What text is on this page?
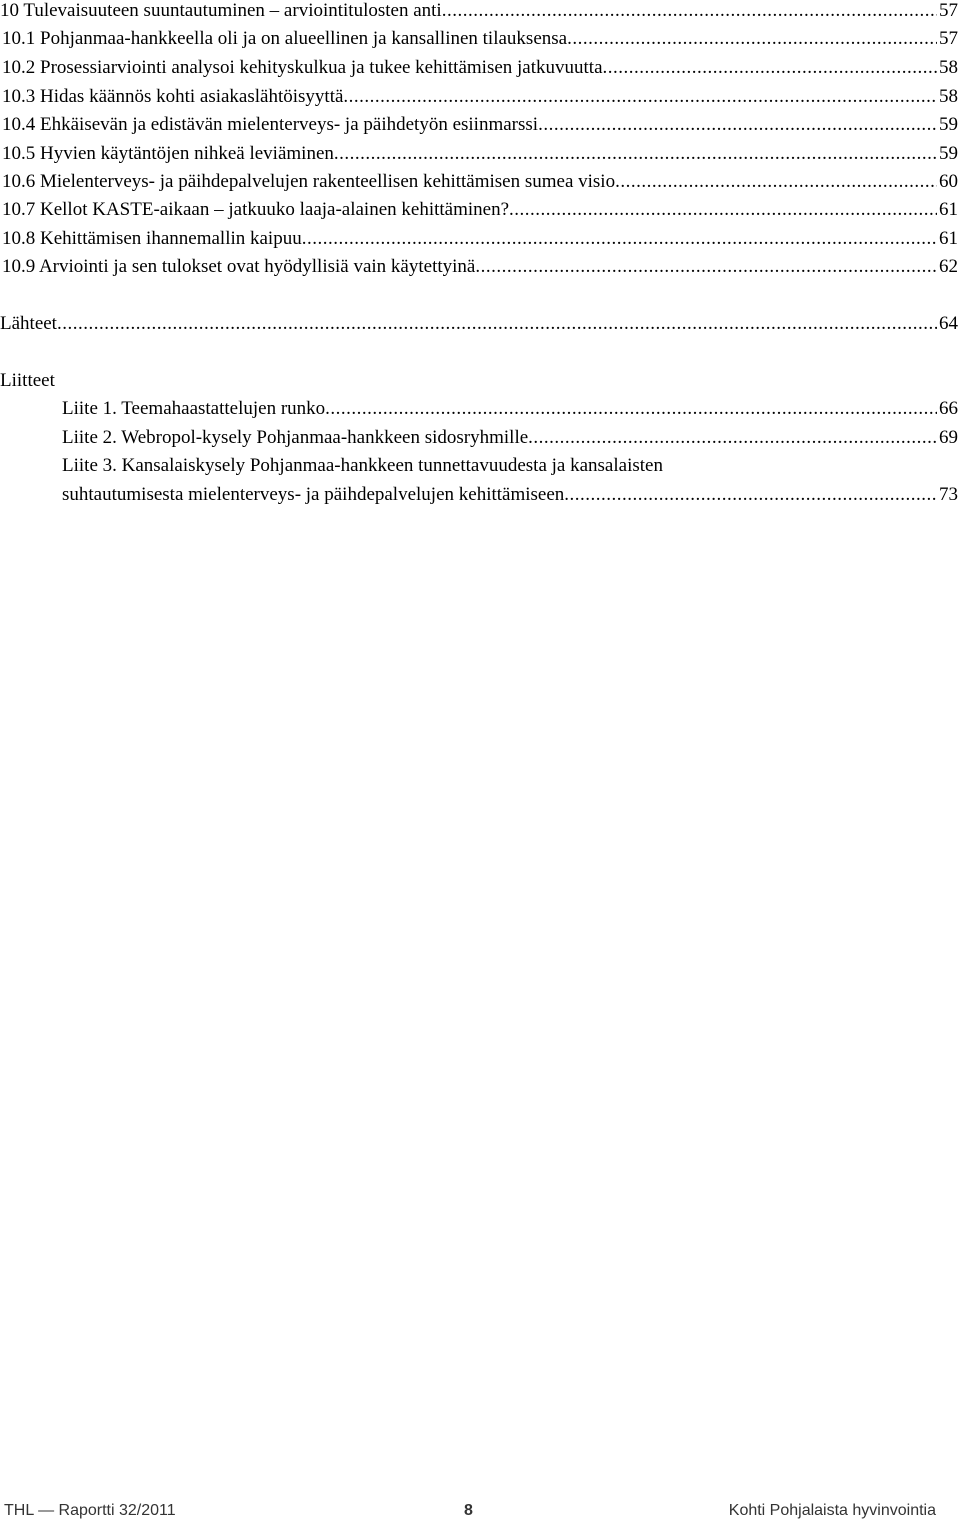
10 Tulevaisuuteen suuntautuminen – arviointitulosten anti .....	57
10.1 Pohjanmaa-hankkeella oli ja on alueellinen ja kansallinen tilauksensa .....	57
10.2 Prosessiarviointi analysoi kehityskulkua ja tukee kehittämisen jatkuvuutta .....	58
10.3 Hidas käännös kohti asiakaslähtöisyyttä .....	58
10.4 Ehkäisevän ja edistävän mielenterveys- ja päihdetyön esiinmarssi .....	59
10.5 Hyvien käytäntöjen nihkeä leviäminen .....	59
10.6 Mielenterveys- ja päihdepalvelujen rakenteellisen kehittämisen sumea visio .....	60
10.7 Kellot KASTE-aikaan – jatkuuko laaja-alainen kehittäminen? .....	61
10.8 Kehittämisen ihannemallin kaipuu .....	61
10.9 Arviointi ja sen tulokset ovat hyödyllisiä vain käytettyinä .....	62
Lähteet .....	64
Liitteet
Liite 1. Teemahaastattelujen runko .....	66
Liite 2. Webropol-kysely Pohjanmaa-hankkeen sidosryhmille .....	69
Liite 3. Kansalaiskysely Pohjanmaa-hankkeen tunnettavuudesta ja kansalaisten
suhtautumisesta mielenterveys- ja päihdepalvelujen kehittämiseen .....	73
THL — Raportti 32/2011	8	Kohti Pohjalaista hyvinvointia
